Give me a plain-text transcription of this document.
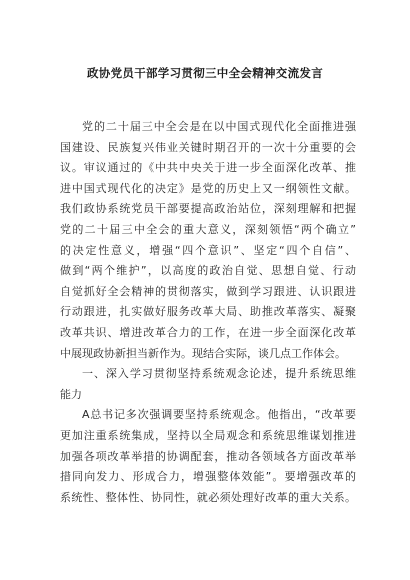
政协党员干部学习贯彻三中全会精神交流发言
党的二十届三中全会是在以中国式现代化全面推进强
国建设、民族复兴伟业关键时期召开的一次十分重要的会
议。审议通过的《中共中央关于进一步全面深化改革、推
进中国式现代化的决定》是党的历史上又一纲领性文献。
我们政协系统党员干部要提高政治站位，深刻理解和把握
党的二十届三中全会的重大意义，深刻领悟“两个确立”
的决定性意义，增强“四个意识”、坚定“四个自信”、
做到“两个维护”，以高度的政治自觉、思想自觉、行动
自觉抓好全会精神的贯彻落实，做到学习跟进、认识跟进
行动跟进，扎实做好服务改革大局、助推改革落实、凝聚
改革共识、增进改革合力的工作，在进一步全面深化改革
中展现政协新担当新作为。现结合实际，谈几点工作体会。
一、深入学习贯彻坚持系统观念论述，提升系统思维
能力
A总书记多次强调要坚持系统观念。他指出，“改革要
更加注重系统集成，坚持以全局观念和系统思维谋划推进
加强各项改革举措的协调配套，推动各领域各方面改革举
措同向发力、形成合力，增强整体效能”。要增强改革的
系统性、整体性、协同性，就必须处理好改革的重大关系。
